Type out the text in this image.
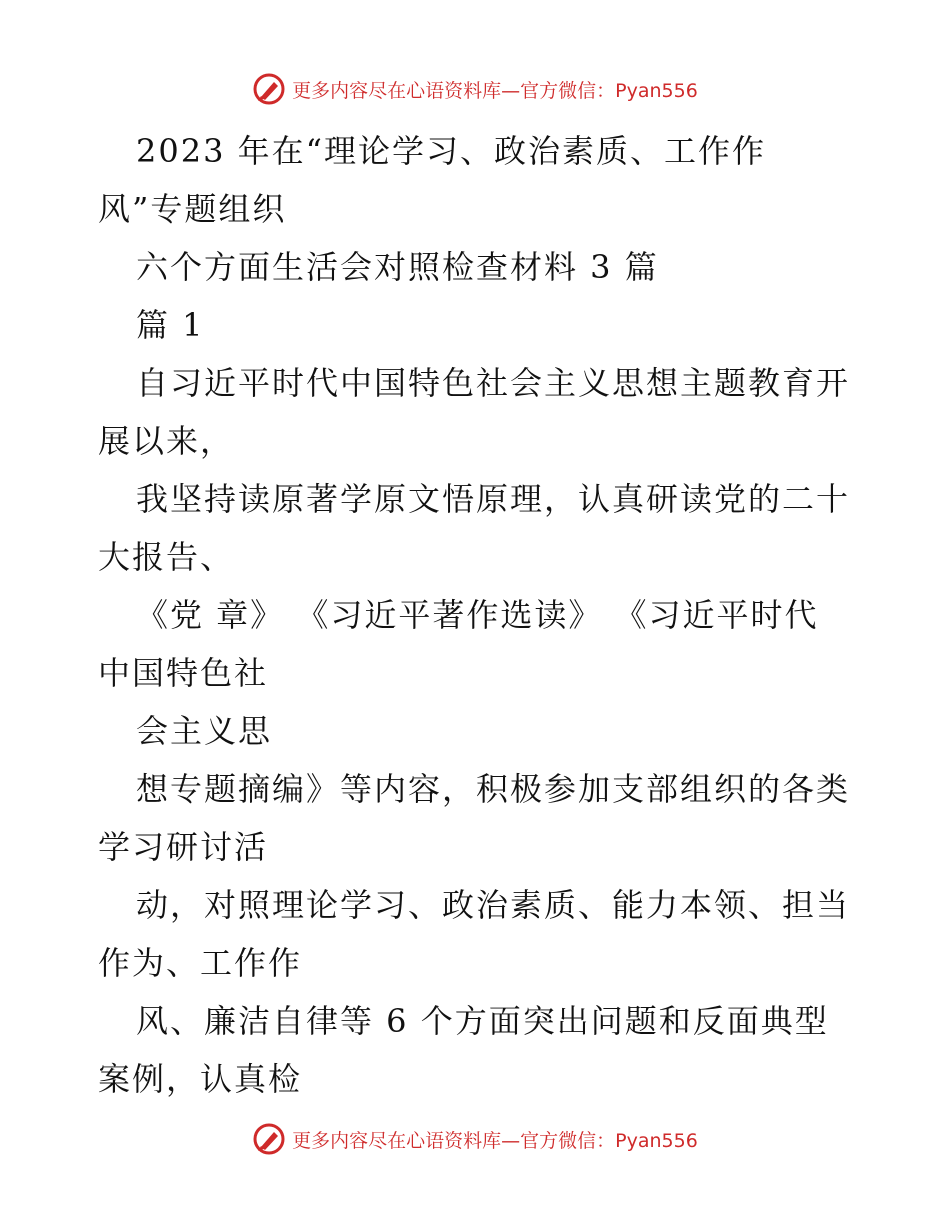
更多内容尽在心语资料库—官方微信：Pyan556
2023 年在“理论学习、政治素质、工作作
风”专题组织
六个方面生活会对照检查材料 3 篇
篇 1
自习近平时代中国特色社会主义思想主题教育开
展以来，
我坚持读原著学原文悟原理，认真研读党的二十
大报告、
《党 章》 《习近平著作选读》 《习近平时代
中国特色社
会主义思
想专题摘编》等内容，积极参加支部组织的各类
学习研讨活
动，对照理论学习、政治素质、能力本领、担当
作为、工作作
风、廉洁自律等 6 个方面突出问题和反面典型
案例，认真检
更多内容尽在心语资料库—官方微信：Pyan556
